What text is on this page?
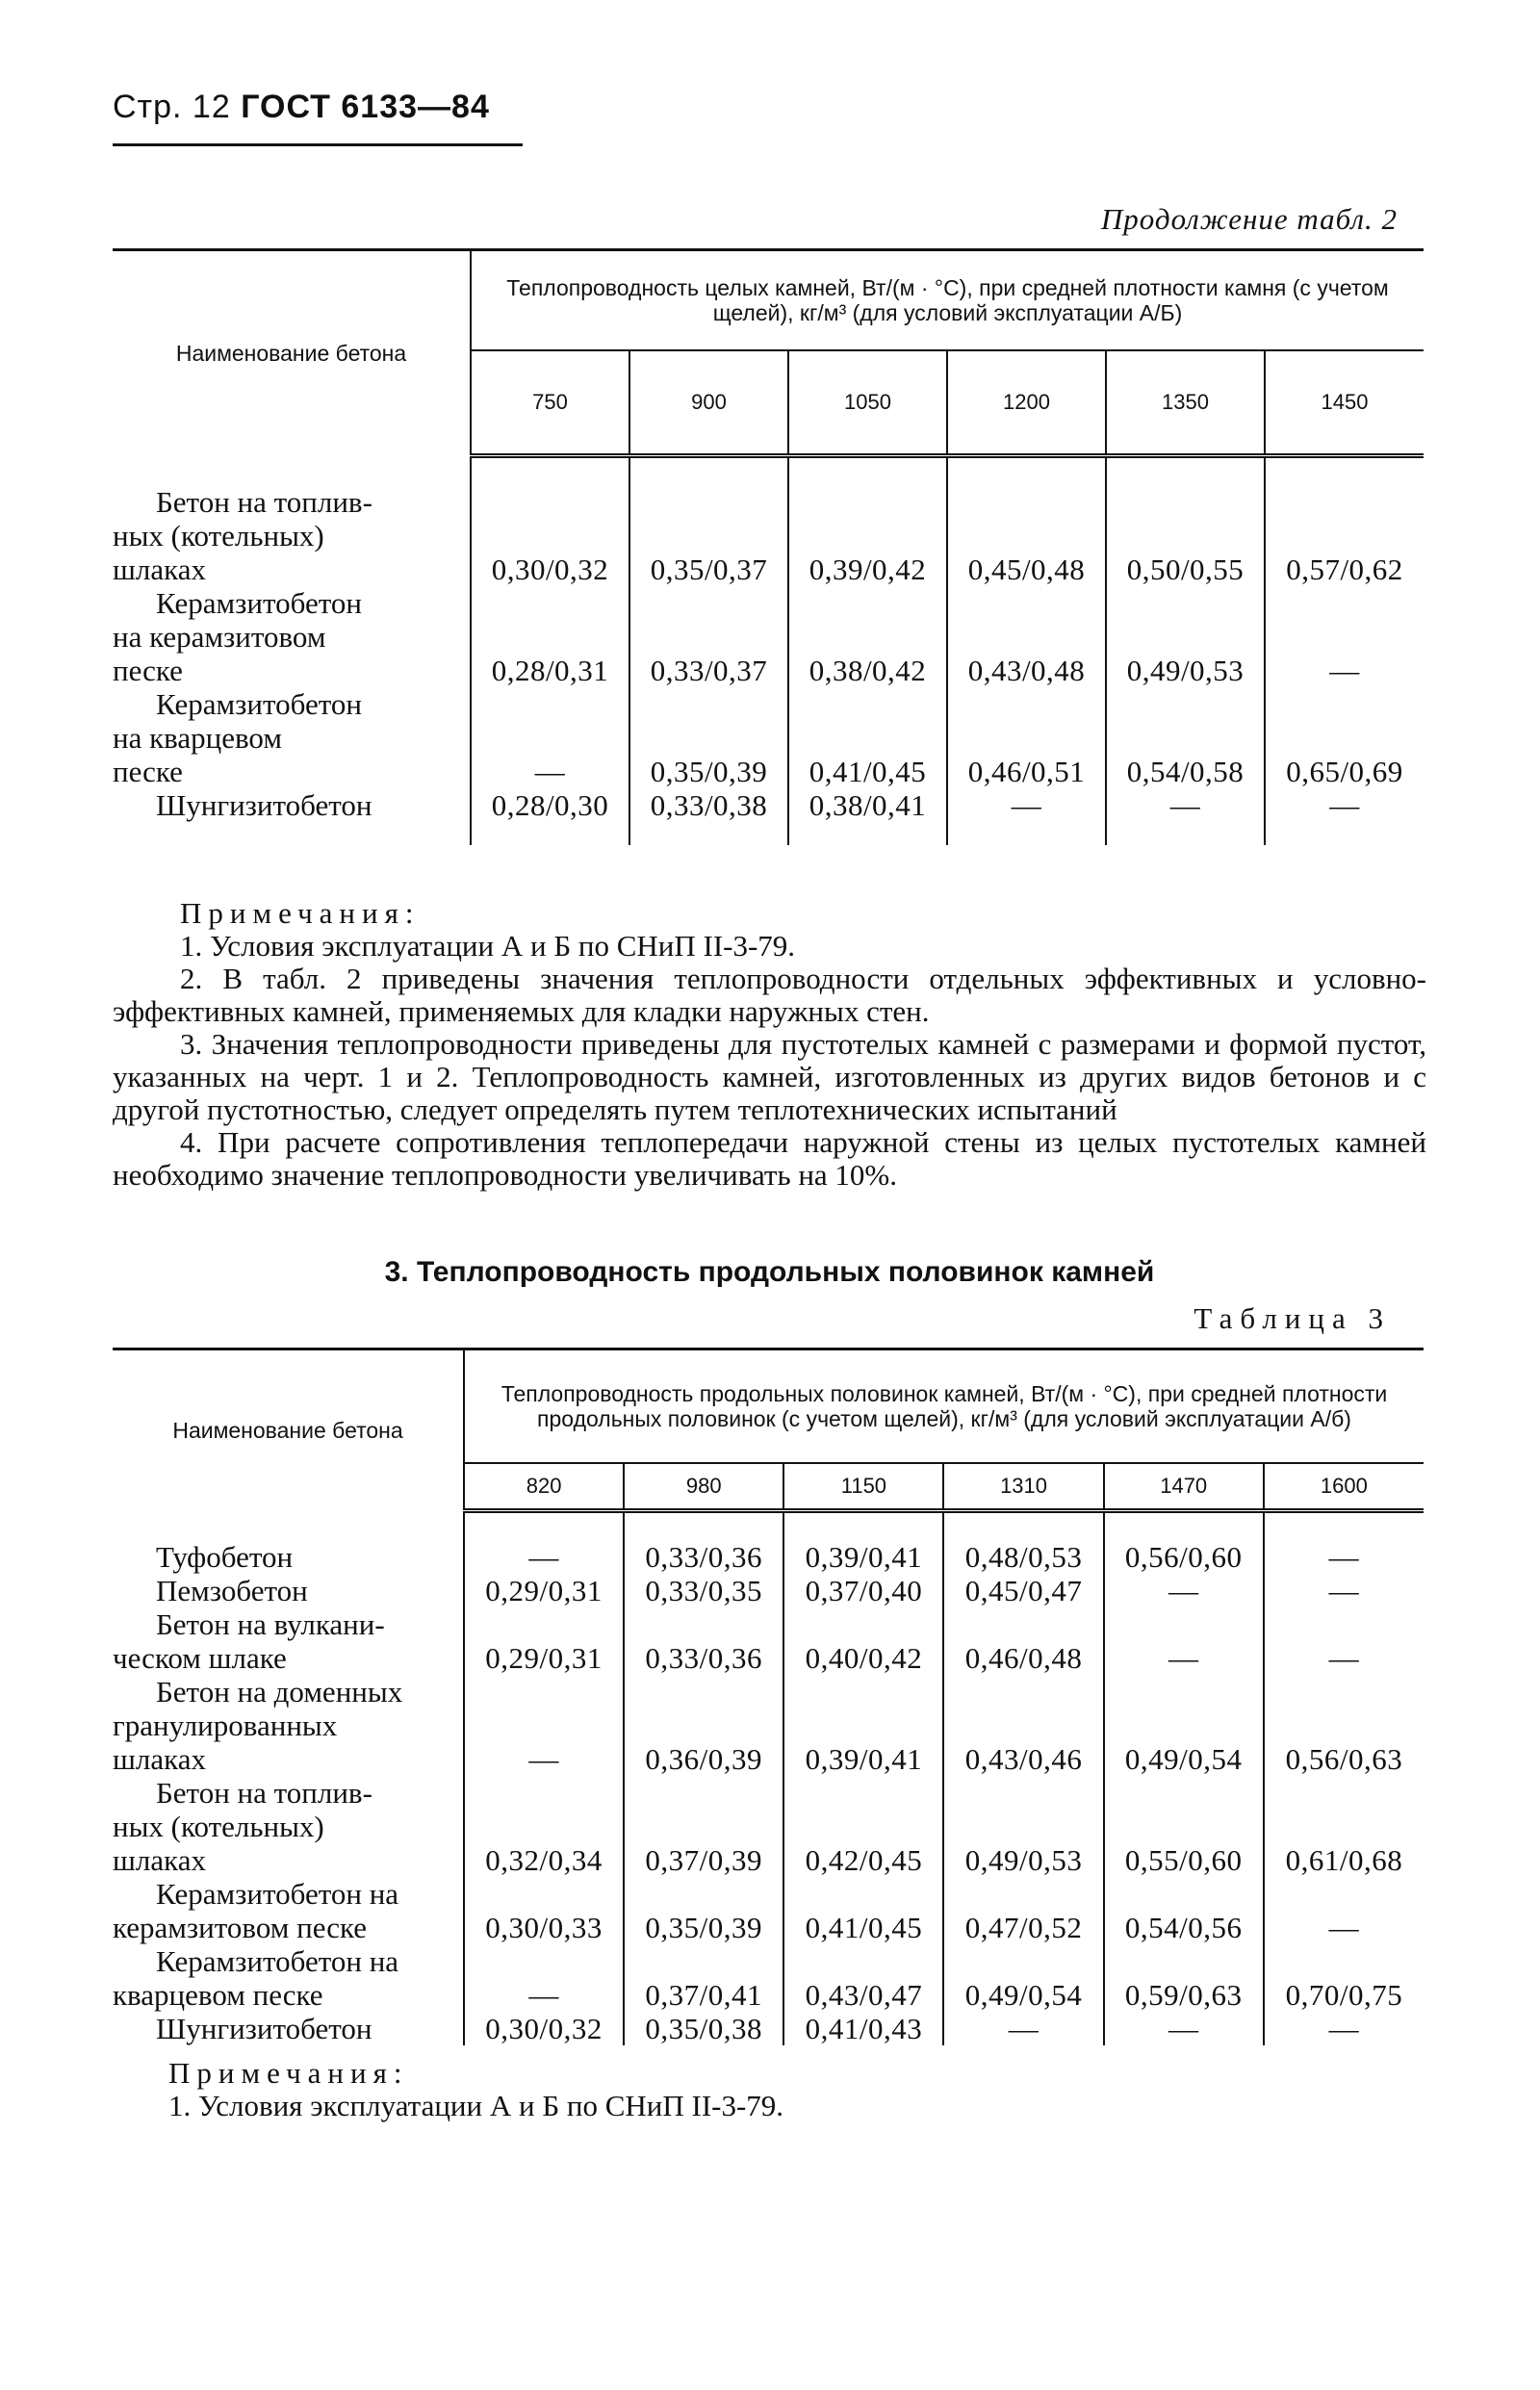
Стр. 12 ГОСТ 6133—84
Продолжение табл. 2
Наименование бетона	Теплопроводность целых камней, Вт/(м · °С), при средней плотности камня (с учетом щелей), кг/м³ (для условий эксплуатации А/Б)					
	750	900	1050	1200	1350	1450

Бетон на топлив-
ных (котельных)
шлаках	0,30/0,32	0,35/0,37	0,39/0,42	0,45/0,48	0,50/0,55	0,57/0,62

Керамзитобетон
на керамзитовом
песке	0,28/0,31	0,33/0,37	0,38/0,42	0,43/0,48	0,49/0,53	—

Керамзитобетон
на кварцевом
песке	—	0,35/0,39	0,41/0,45	0,46/0,51	0,54/0,58	0,65/0,69

Шунгизитобетон	0,28/0,30	0,33/0,38	0,38/0,41	—	—	—

Примечания:

1. Условия эксплуатации А и Б по СНиП II-3-79.

2. В табл. 2 приведены значения теплопроводности отдельных эффективных и условно-эффективных камней, применяемых для кладки наружных стен.

3. Значения теплопроводности приведены для пустотелых камней с размерами и формой пустот, указанных на черт. 1 и 2. Теплопроводность камней, изготовленных из других видов бетонов и с другой пустотностью, следует определять путем теплотехнических испытаний

4. При расчете сопротивления теплопередачи наружной стены из целых пустотелых камней необходимо значение теплопроводности увеличивать на 10%.

3. Теплопроводность продольных половинок камней
Таблица 3
Наименование бетона	Теплопроводность продольных половинок камней, Вт/(м · °С), при средней плотности продольных половинок (с учетом щелей), кг/м³ (для условий эксплуатации А/б)					
	820	980	1150	1310	1470	1600

Туфобетон	—	0,33/0,36	0,39/0,41	0,48/0,53	0,56/0,60	—

Пемзобетон	0,29/0,31	0,33/0,35	0,37/0,40	0,45/0,47	—	—

Бетон на вулкани-
ческом шлаке	0,29/0,31	0,33/0,36	0,40/0,42	0,46/0,48	—	—

Бетон на доменных
гранулированных
шлаках	—	0,36/0,39	0,39/0,41	0,43/0,46	0,49/0,54	0,56/0,63

Бетон на топлив-
ных (котельных)
шлаках	0,32/0,34	0,37/0,39	0,42/0,45	0,49/0,53	0,55/0,60	0,61/0,68

Керамзитобетон на
керамзитовом песке	0,30/0,33	0,35/0,39	0,41/0,45	0,47/0,52	0,54/0,56	—

Керамзитобетон на
кварцевом песке	—	0,37/0,41	0,43/0,47	0,49/0,54	0,59/0,63	0,70/0,75

Шунгизитобетон	0,30/0,32	0,35/0,38	0,41/0,43	—	—	—
Примечания:

1. Условия эксплуатации А и Б по СНиП II-3-79.
